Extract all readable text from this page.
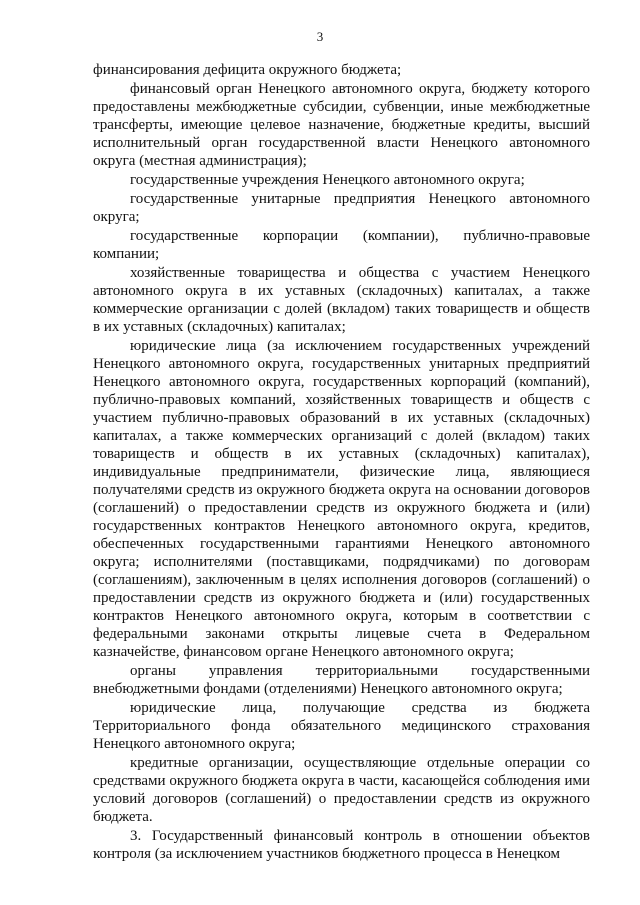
3

финансирования дефицита окружного бюджета;

финансовый орган Ненецкого автономного округа, бюджету которого предоставлены межбюджетные субсидии, субвенции, иные межбюджетные трансферты, имеющие целевое назначение, бюджетные кредиты, высший исполнительный орган государственной власти Ненецкого автономного округа (местная администрация);

государственные учреждения Ненецкого автономного округа;

государственные унитарные предприятия Ненецкого автономного округа;

государственные корпорации (компании), публично-правовые компании;

хозяйственные товарищества и общества с участием Ненецкого автономного округа в их уставных (складочных) капиталах, а также коммерческие организации с долей (вкладом) таких товариществ и обществ в их уставных (складочных) капиталах;

юридические лица (за исключением государственных учреждений Ненецкого автономного округа, государственных унитарных предприятий Ненецкого автономного округа, государственных корпораций (компаний), публично-правовых компаний, хозяйственных товариществ и обществ с участием публично-правовых образований в их уставных (складочных) капиталах, а также коммерческих организаций с долей (вкладом) таких товариществ и обществ в их уставных (складочных) капиталах), индивидуальные предприниматели, физические лица, являющиеся получателями средств из окружного бюджета округа на основании договоров (соглашений) о предоставлении средств из окружного бюджета и (или) государственных контрактов Ненецкого автономного округа, кредитов, обеспеченных государственными гарантиями Ненецкого автономного округа; исполнителями (поставщиками, подрядчиками) по договорам (соглашениям), заключенным в целях исполнения договоров (соглашений) о предоставлении средств из окружного бюджета и (или) государственных контрактов Ненецкого автономного округа, которым в соответствии с федеральными законами открыты лицевые счета в Федеральном казначействе, финансовом органе Ненецкого автономного округа;

органы управления территориальными государственными внебюджетными фондами (отделениями) Ненецкого автономного округа;

юридические лица, получающие средства из бюджета Территориального фонда обязательного медицинского страхования Ненецкого автономного округа;

кредитные организации, осуществляющие отдельные операции со средствами окружного бюджета округа в части, касающейся соблюдения ими условий договоров (соглашений) о предоставлении средств из окружного бюджета.

3. Государственный финансовый контроль в отношении объектов контроля (за исключением участников бюджетного процесса в Ненецком
